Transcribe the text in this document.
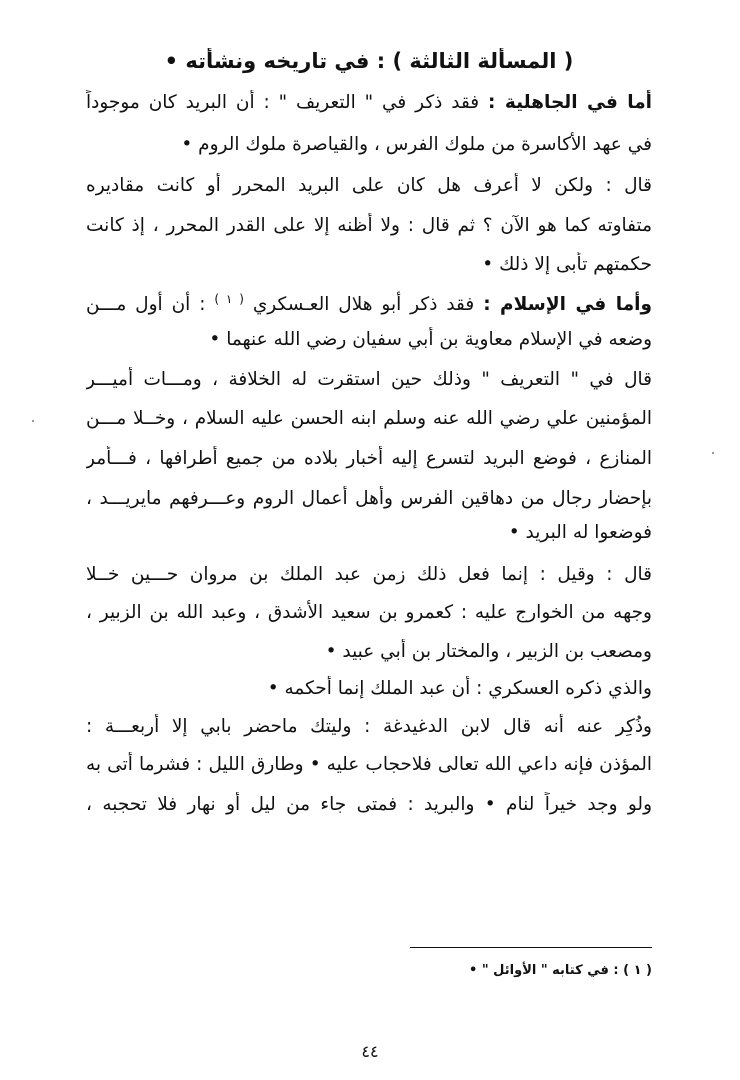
( المسألة الثالثة ) : في تاريخه ونشأته •
أما في الجاهلية : فقد ذكر في " التعريف " : أن البريد كان موجوداً
في عهد الأكاسرة من ملوك الفرس ، والقياصرة ملوك الروم •
قال : ولكن لا أعرف هل كان على البريد المحرر أو كانت مقاديره
متفاوته كما هو الآن ؟ ثم قال : ولا أظنه إلا على القدر المحرر ، إذ كانت
حكمتهم تأبى إلا ذلك •
وأما في الإسلام : فقد ذكر أبو هلال العـسكري $^{( ١ )}$ : أن أول مـــن
وضعه في الإسلام معاوية بن أبي سفيان رضي الله عنهما •
قال في " التعريف " وذلك حين استقرت له الخلافة ، ومـــات أميـــر
المؤمنين علي رضي الله عنه وسلم ابنه الحسن عليه السلام ، وخــلا مـــن
المنازع ، فوضع البريد لتسرع إليه أخبار بلاده من جميع أطرافها ، فـــأمر
بإحضار رجال من دهاقين الفرس وأهل أعمال الروم وعـــرفهم مايريـــد ،
فوضعوا له البريد •
قال : وقيل : إنما فعل ذلك زمن عبد الملك بن مروان حـــين خــلا
وجهه من الخوارج عليه : كعمرو بن سعيد الأشدق ، وعبد الله بن الزبير ،
ومصعب بن الزبير ، والمختار بن أبي عبيد •
والذي ذكره العسكري : أن عبد الملك إنما أحكمه •
وذُكِر عنه أنه قال لابن الدغيدغة : وليتك ماحضر بابي إلا أربعـــة :
المؤذن فإنه داعي الله تعالى فلاحجاب عليه • وطارق الليل : فشرما أتى به
ولو وجد خيراً لنام • والبريد : فمتى جاء من ليل أو نهار فلا تحجبه ،
( ١ ) : في كتابه " الأوائل " •
٤٤
